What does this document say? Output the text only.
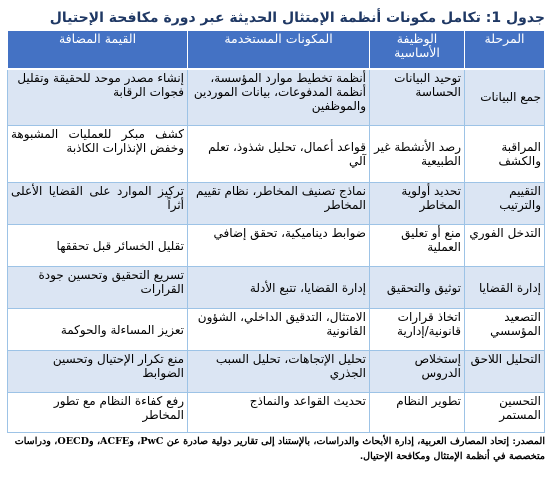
جدول 1: تكامل مكونات أنظمة الإمتثال الحديثة عبر دورة مكافحة الإحتيال
المرحلة	الوظيفة الأساسية	المكونات المستخدمة	القيمة المضافة
جمع البيانات	توحيد البيانات الحساسة	أنظمة تخطيط موارد المؤسسة، أنظمة المدفوعات، بيانات الموردين والموظفين	إنشاء مصدر موحد للحقيقة وتقليل فجوات الرقابة
المراقبة والكشف	رصد الأنشطة غير الطبيعية	قواعد أعمال، تحليل شذوذ، تعلم آلي	كشف مبكر للعمليات المشبوهة وخفض الإنذارات الكاذبة
التقييم والترتيب	تحديد أولوية المخاطر	نماذج تصنيف المخاطر، نظام تقييم المخاطر	تركيز الموارد على القضايا الأعلى أثراً
التدخل الفوري	منع أو تعليق العملية	ضوابط ديناميكية، تحقق إضافي	تقليل الخسائر قبل تحققها
إدارة القضايا	توثيق والتحقيق	إدارة القضايا، تتبع الأدلة	تسريع التحقيق وتحسين جودة القرارات
التصعيد المؤسسي	اتخاذ قرارات قانونية/إدارية	الامتثال، التدقيق الداخلي، الشؤون القانونية	تعزيز المساءلة والحوكمة
التحليل اللاحق	إستخلاص الدروس	تحليل الإتجاهات، تحليل السبب الجذري	منع تكرار الإحتيال وتحسين الضوابط
التحسين المستمر	تطوير النظام	تحديث القواعد والنماذج	رفع كفاءة النظام مع تطور المخاطر
المصدر: إتحاد المصارف العربية، إدارة الأبحاث والدراسات، بالإستناد إلى تقارير دولية صادرة عن PwC، وACFE، وOECD، ودراسات متخصصة في أنظمة الإمتثال ومكافحة الإحتيال.
